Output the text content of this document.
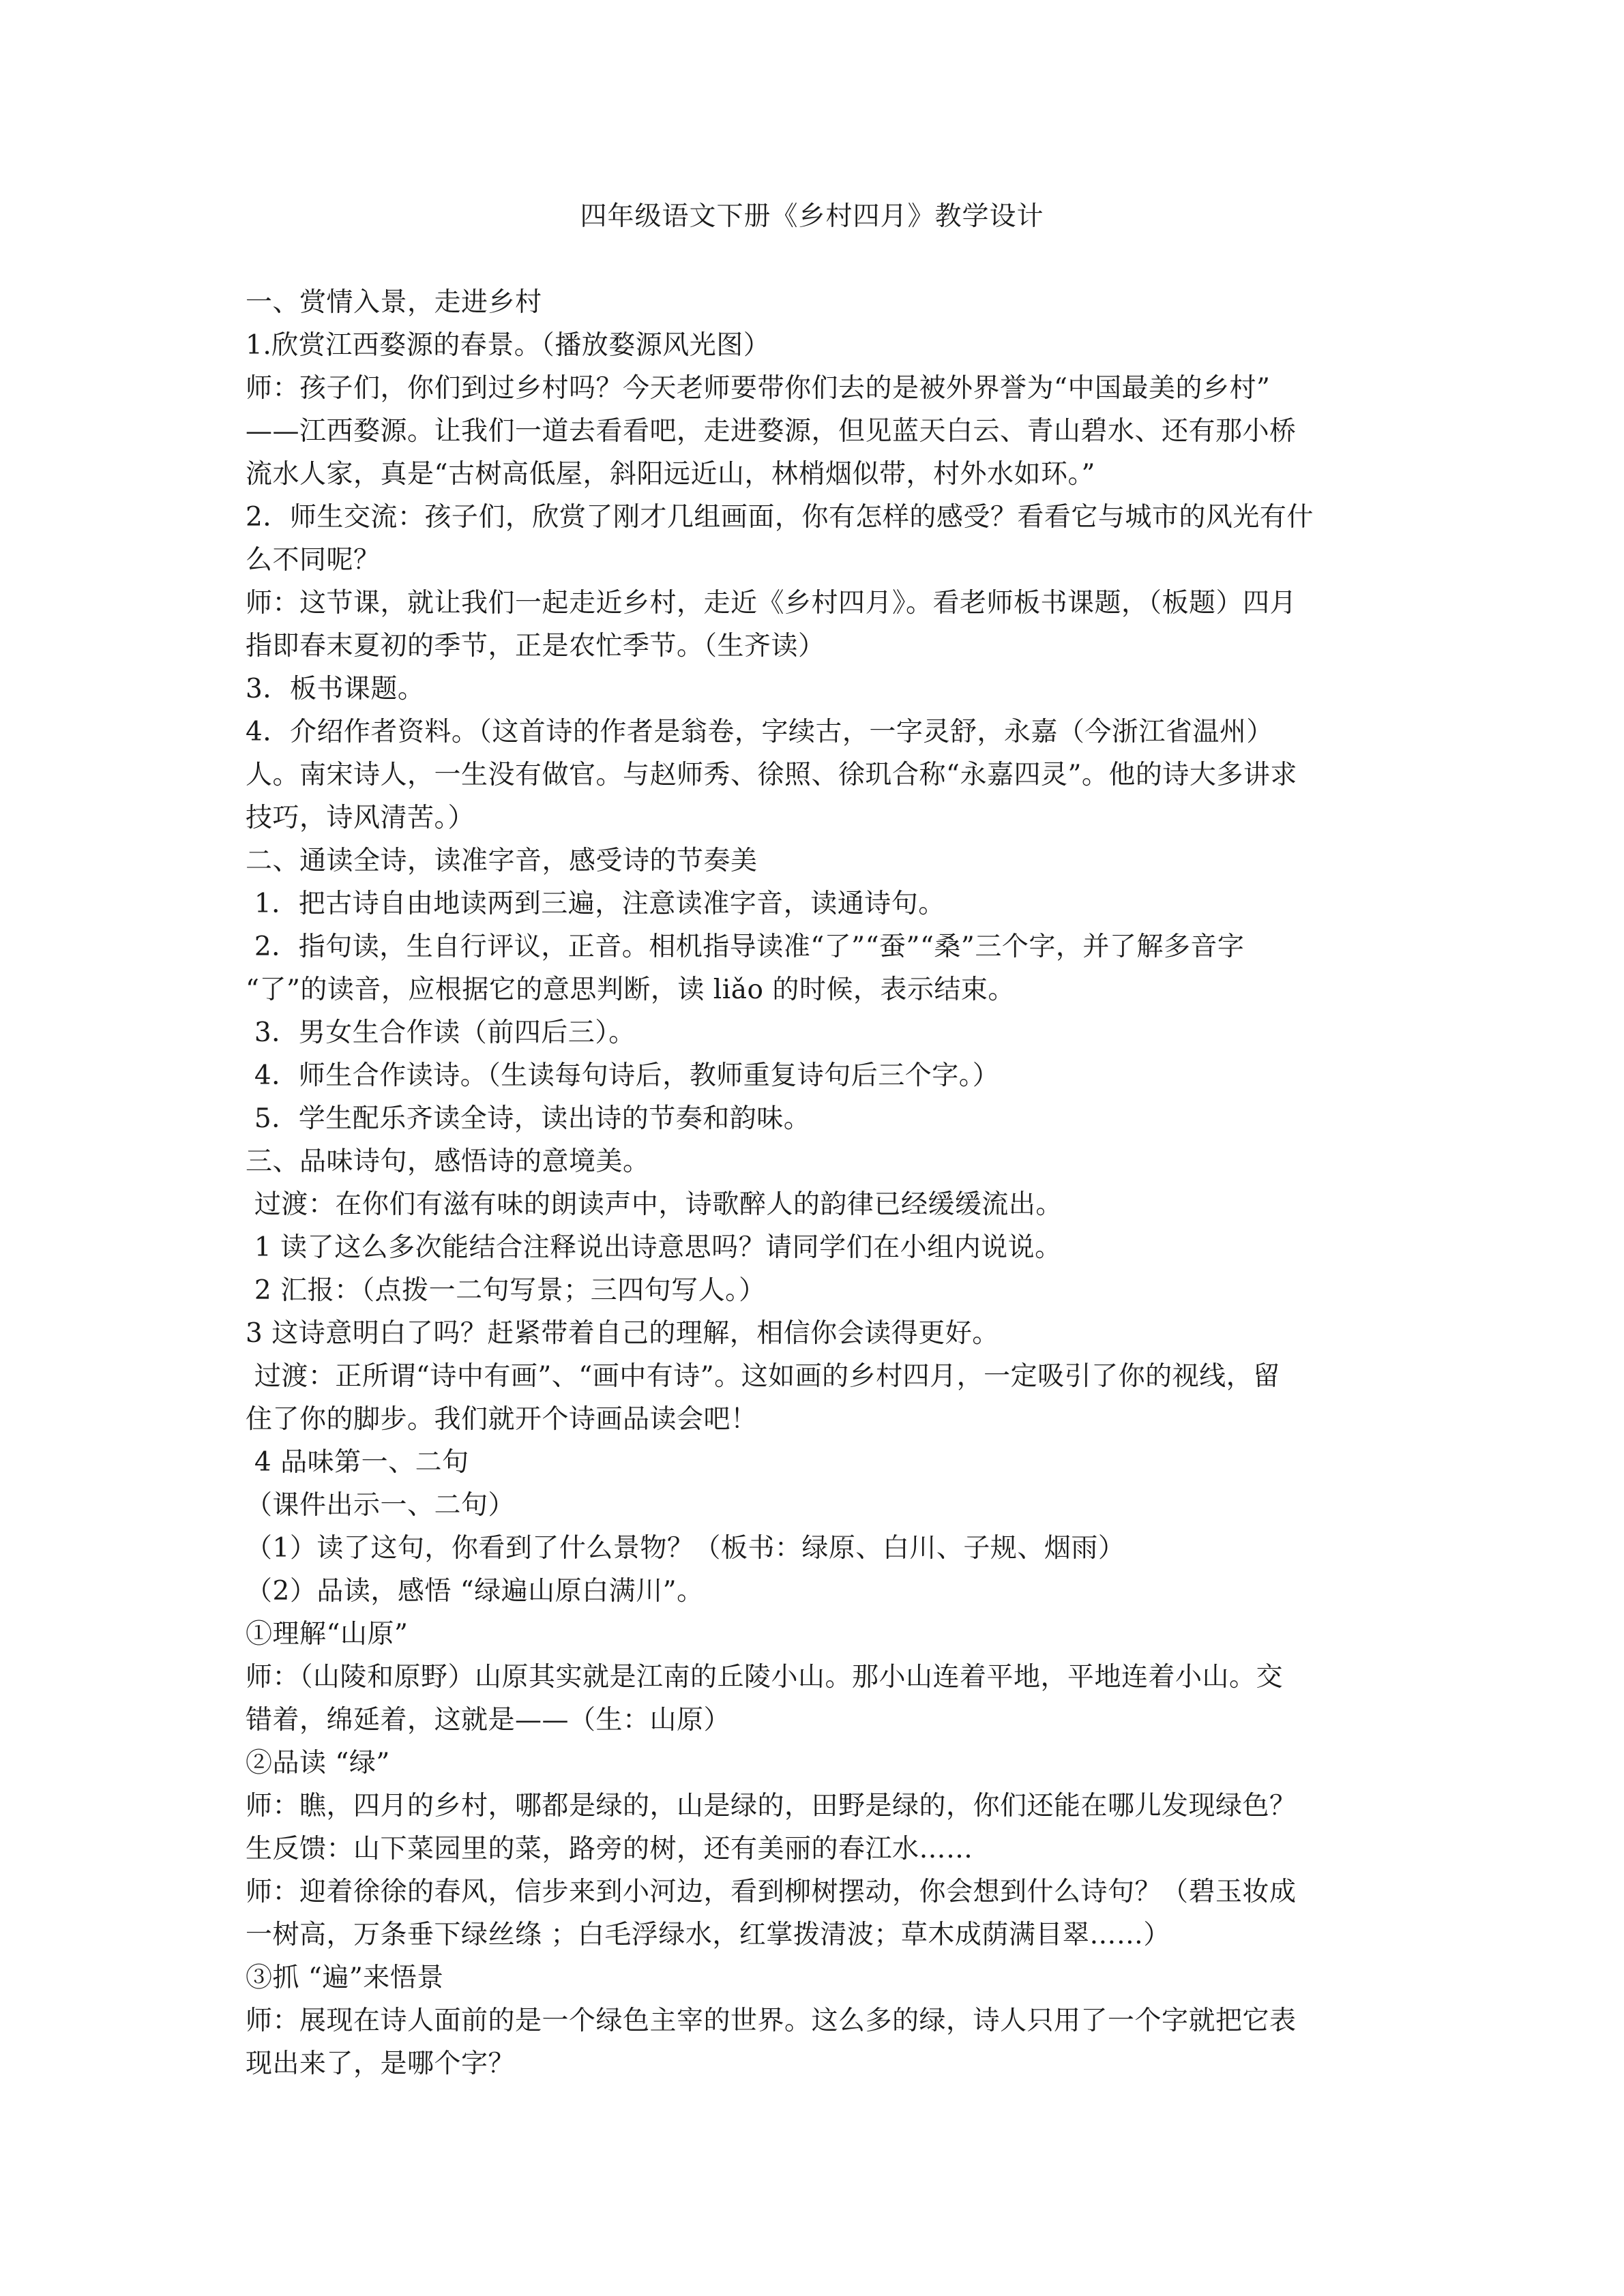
四年级语文下册《乡村四月》教学设计
一、赏情入景，走进乡村
1.欣赏江西婺源的春景。（播放婺源风光图）
师：孩子们，你们到过乡村吗？今天老师要带你们去的是被外界誉为“中国最美的乡村”
——江西婺源。让我们一道去看看吧，走进婺源，但见蓝天白云、青山碧水、还有那小桥
流水人家，真是“古树高低屋，斜阳远近山，林梢烟似带，村外水如环。”
2．师生交流：孩子们，欣赏了刚才几组画面，你有怎样的感受？看看它与城市的风光有什
么不同呢？
师：这节课，就让我们一起走近乡村，走近《乡村四月》。看老师板书课题，（板题）四月
指即春末夏初的季节，正是农忙季节。（生齐读）
3．板书课题。
4．介绍作者资料。（这首诗的作者是翁卷，字续古，一字灵舒，永嘉（今浙江省温州）
人。南宋诗人，一生没有做官。与赵师秀、徐照、徐玑合称“永嘉四灵”。他的诗大多讲求
技巧，诗风清苦。）
二、通读全诗，读准字音，感受诗的节奏美
1．把古诗自由地读两到三遍，注意读准字音，读通诗句。
2．指句读，生自行评议，正音。相机指导读准“了”“蚕”“桑”三个字，并了解多音字
“了”的读音，应根据它的意思判断，读 liǎo 的时候，表示结束。
3．男女生合作读（前四后三）。
4．师生合作读诗。（生读每句诗后，教师重复诗句后三个字。）
5．学生配乐齐读全诗，读出诗的节奏和韵味。
三、品味诗句，感悟诗的意境美。
过渡：在你们有滋有味的朗读声中，诗歌醉人的韵律已经缓缓流出。
1 读了这么多次能结合注释说出诗意思吗？请同学们在小组内说说。
2 汇报：（点拨一二句写景；三四句写人。）
3 这诗意明白了吗？赶紧带着自己的理解，相信你会读得更好。
过渡：正所谓“诗中有画”、“画中有诗”。这如画的乡村四月，一定吸引了你的视线，留
住了你的脚步。我们就开个诗画品读会吧！
4 品味第一、二句
（课件出示一、二句）
（1）读了这句，你看到了什么景物？（板书：绿原、白川、子规、烟雨）
（2）品读，感悟 “绿遍山原白满川”。
①理解“山原”
师：（山陵和原野）山原其实就是江南的丘陵小山。那小山连着平地，平地连着小山。交
错着，绵延着，这就是——（生：山原）
②品读 “绿”
师：瞧，四月的乡村，哪都是绿的，山是绿的，田野是绿的，你们还能在哪儿发现绿色？
生反馈：山下菜园里的菜，路旁的树，还有美丽的春江水……
师：迎着徐徐的春风，信步来到小河边，看到柳树摆动，你会想到什么诗句？（碧玉妆成
一树高，万条垂下绿丝绦 ；白毛浮绿水，红掌拨清波；草木成荫满目翠……）
③抓 “遍”来悟景
师：展现在诗人面前的是一个绿色主宰的世界。这么多的绿，诗人只用了一个字就把它表
现出来了，是哪个字？
